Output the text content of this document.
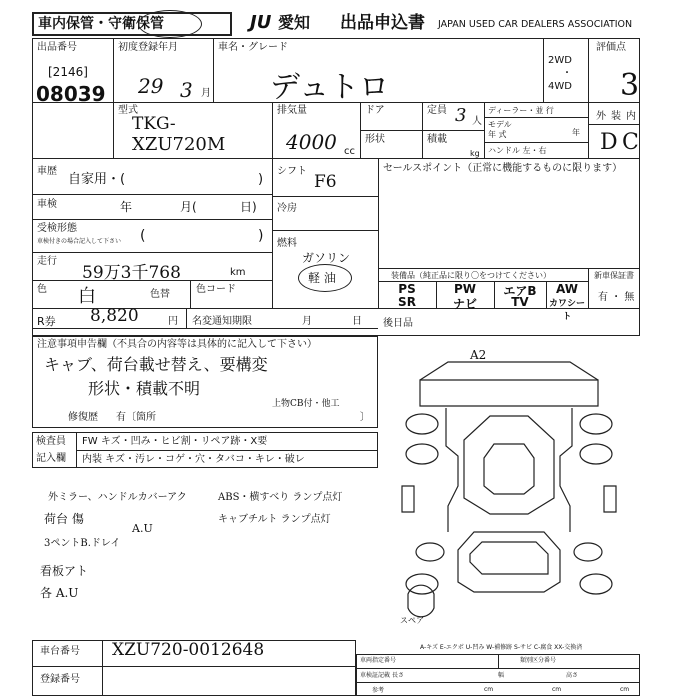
車内保管・守衛保管	JU 愛知 出品申込書 JAPAN USED CAR DEALERS ASSOCIATION
出品番号
[2146]
08039
初度登録年月
29 3 月
車名・グレード
デュトロ
2WD
・
4WD
評価点
3
型式
TKG-
XZU720M
排気量
4000 cc
ドア
形状
定員 3 人
積載
kg
ディーラー・並 行
モデル
年 式	年
ハンドル 左・右
外 装 内
D C
車歴
自家用・(	)
車検	年	月(	日)
受検形態
車検付きの場合記入して下さい (	)
走行
59万3千768	km
色 白	色替	色コード
シフト
F6
冷房
燃料
ガソリン
軽 油
セールスポイント（正常に機能するものに限ります）
装備品（純正品に限り〇をつけてください）	新車保証書
有 ・ 無
PS	PW	エアB	AW
SR	ナビ	TV	カワシート
R券 8,820	円 名変通知期限	月	日 後日品
注意事項申告欄（不具合の内容等は具体的に記入して下さい）
キャブ、荷台載せ替え、要構変
形状・積載不明
上物CB付・他工
修復歴 有〔箇所	〕
検査員
記入欄
FW キズ・凹み・ヒビ割・リペア跡・X要
内装 キズ・汚レ・コゲ・穴・タバコ・キレ・破レ
外ミラー、ハンドルカバーアク	ABS・横すべり ランプ点灯
荷台 傷	キャブチルト ランプ点灯
3ペントB.ドレイ
A.U
看板アト
各 A.U
A2
スペア
A-キズ E-エクボ U-凹み W-補修跡 S-サビ C-腐食 XX-交換済
車両指定番号	類別区分番号
車検証記載 長さ	幅	高さ
参考	cm	cm	cm
車台番号 XZU720-0012648
登録番号
